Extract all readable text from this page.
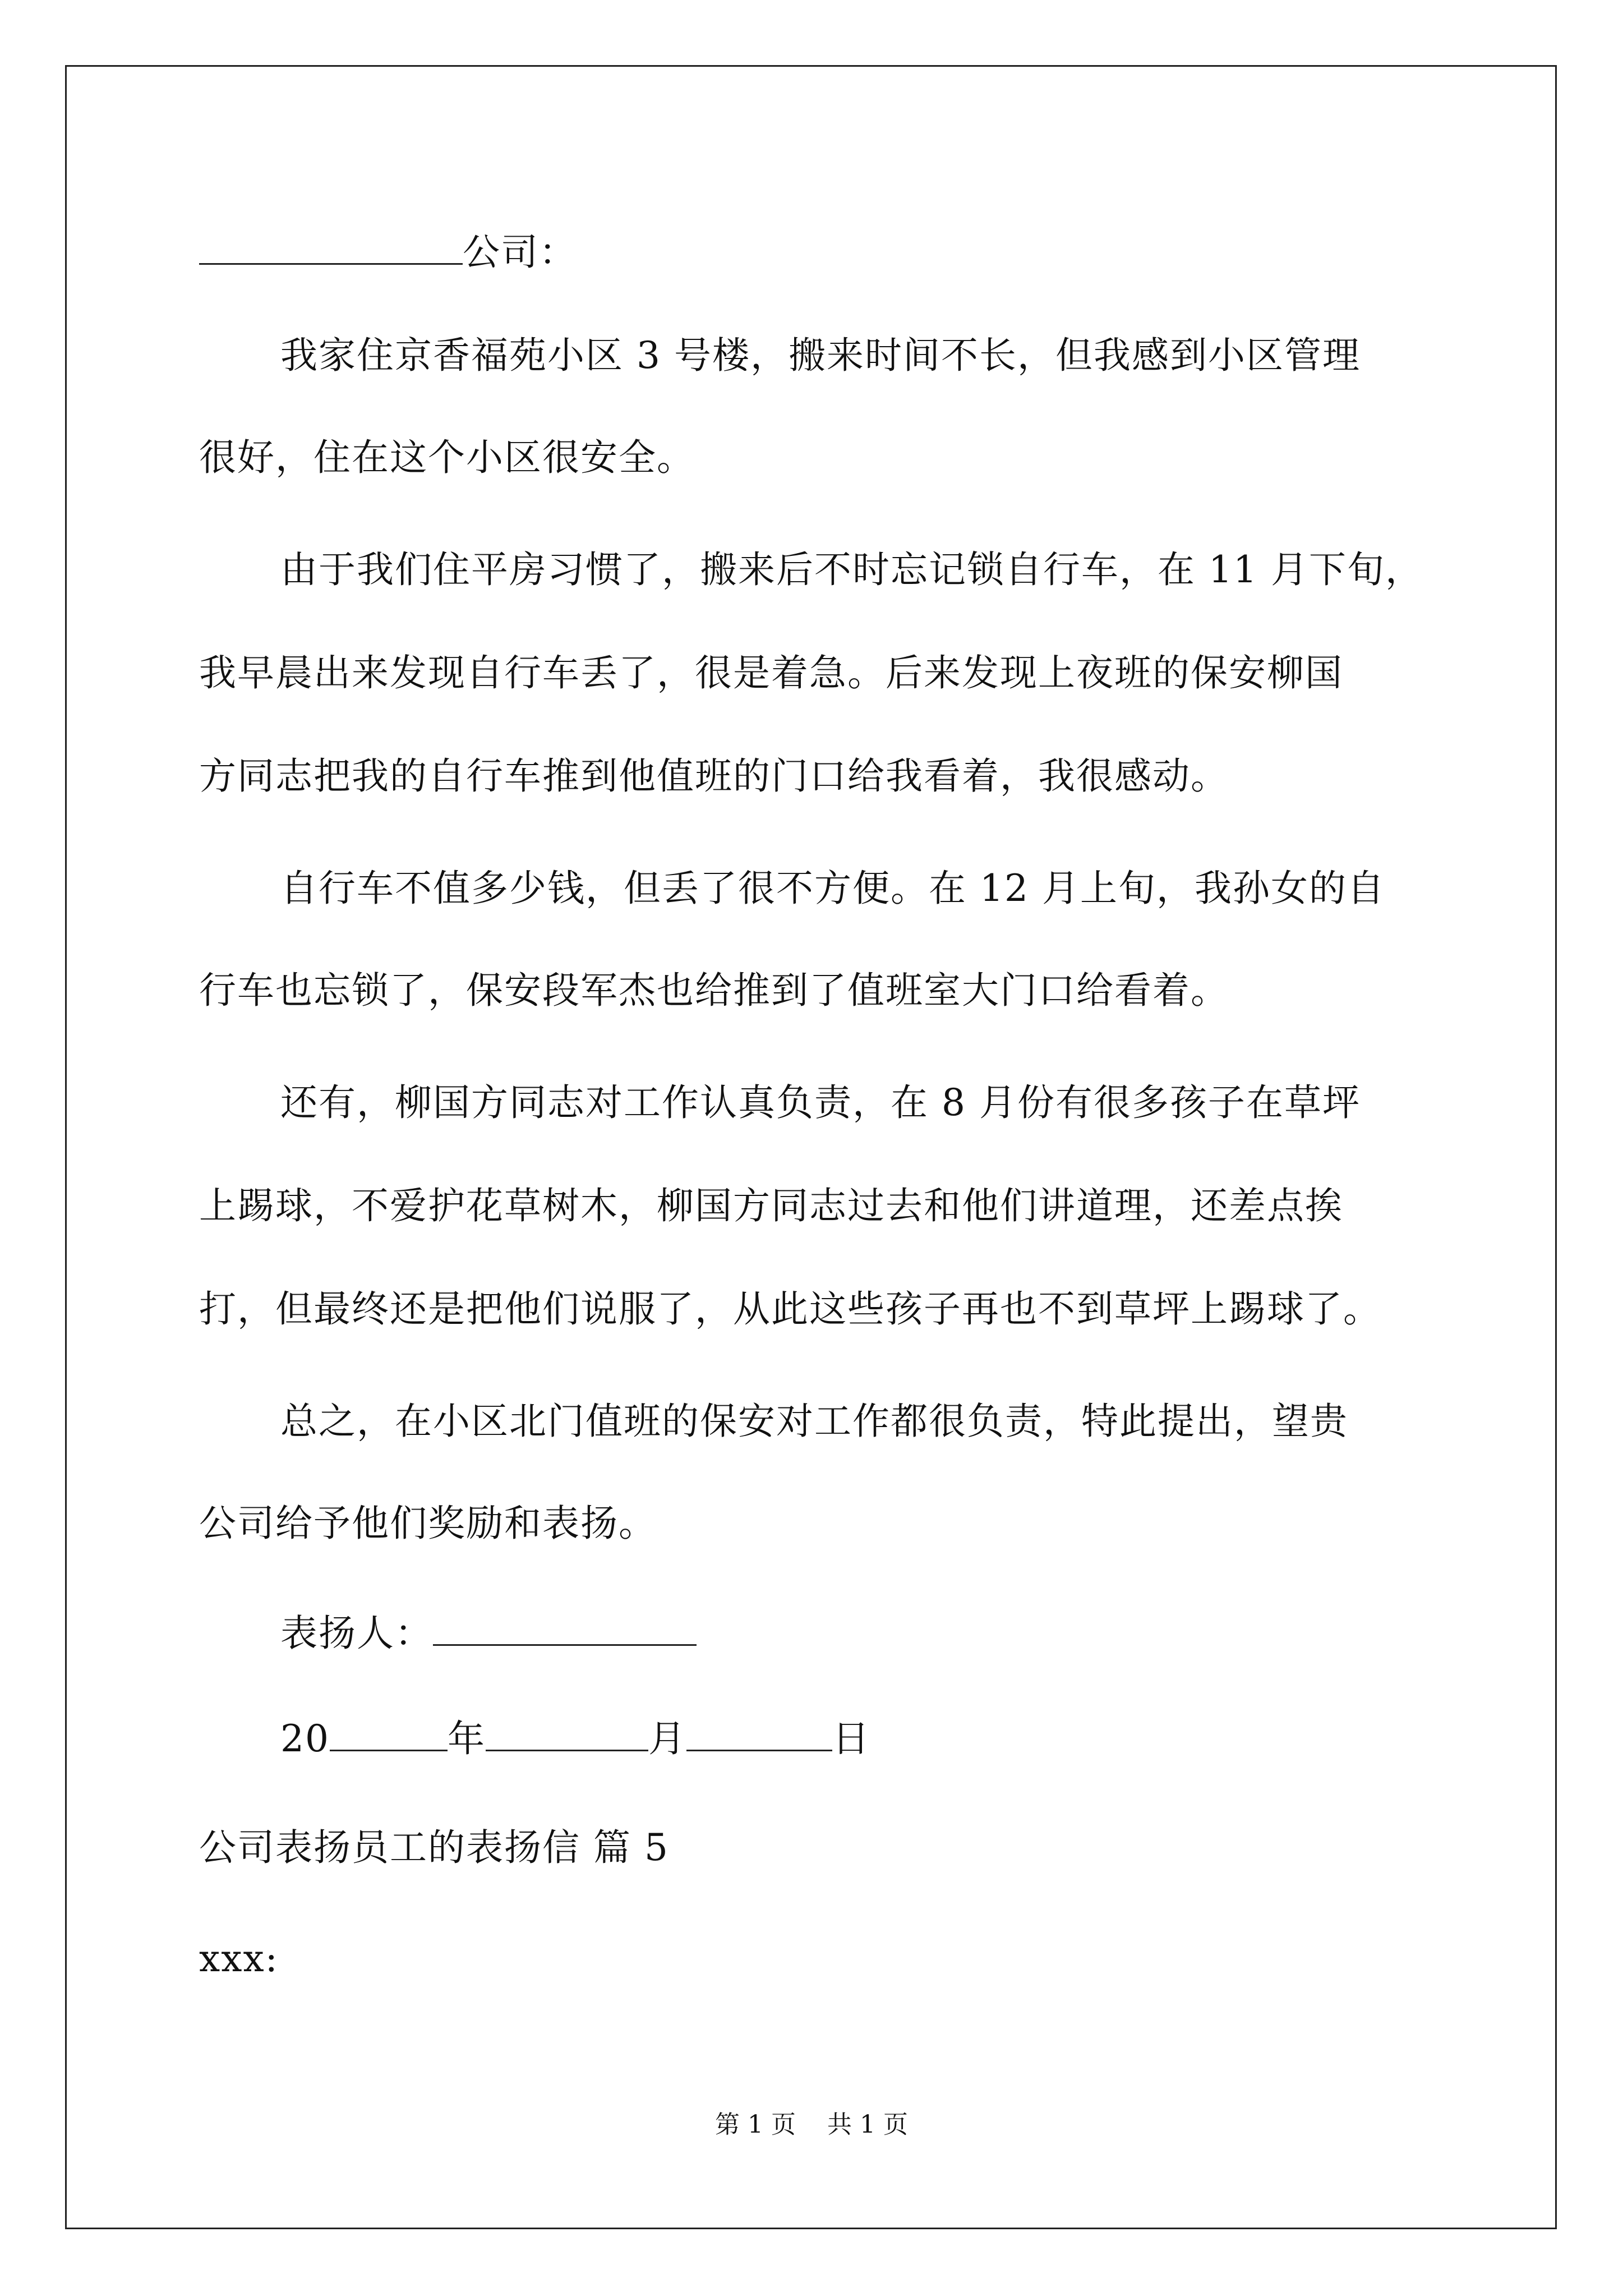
公司：
我家住京香福苑小区 3 号楼，搬来时间不长，但我感到小区管理
很好，住在这个小区很安全。
由于我们住平房习惯了，搬来后不时忘记锁自行车，在 11 月下旬，
我早晨出来发现自行车丢了，很是着急。后来发现上夜班的保安柳国
方同志把我的自行车推到他值班的门口给我看着，我很感动。
自行车不值多少钱，但丢了很不方便。在 12 月上旬，我孙女的自
行车也忘锁了，保安段军杰也给推到了值班室大门口给看着。
还有，柳国方同志对工作认真负责，在 8 月份有很多孩子在草坪
上踢球，不爱护花草树木，柳国方同志过去和他们讲道理，还差点挨
打，但最终还是把他们说服了，从此这些孩子再也不到草坪上踢球了。
总之，在小区北门值班的保安对工作都很负责，特此提出，望贵
公司给予他们奖励和表扬。
表扬人：
20	年	月	日
公司表扬员工的表扬信 篇 5
xxx:
第 1 页 共 1 页
